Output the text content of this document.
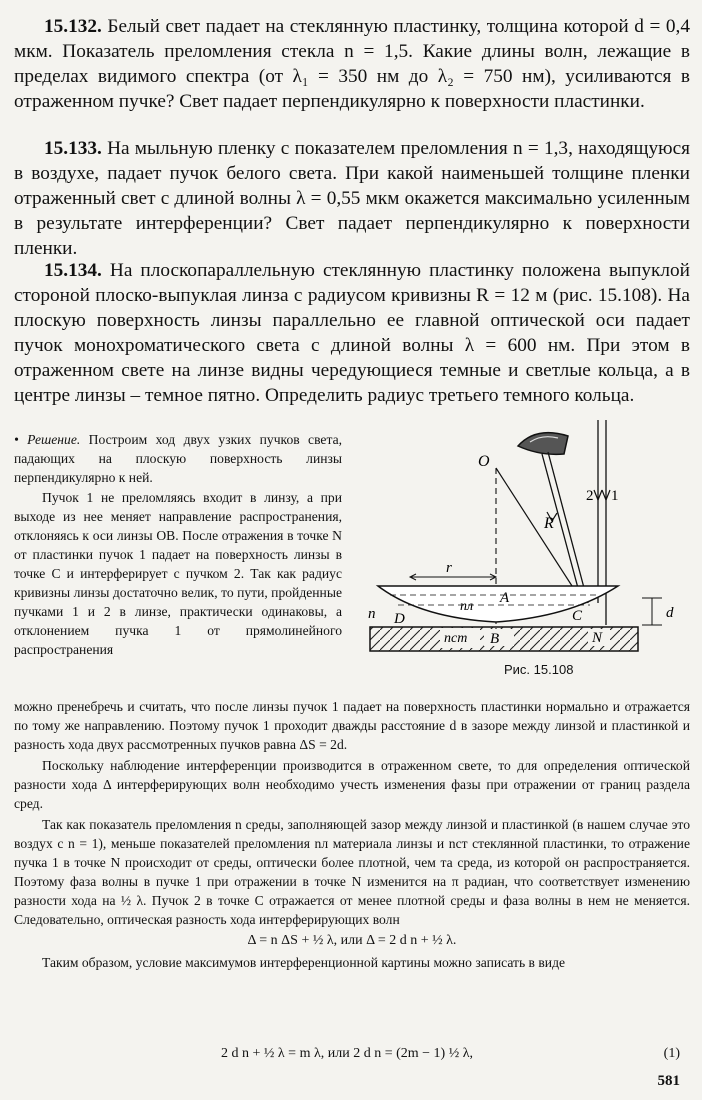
15.132. Белый свет падает на стеклянную пластинку, толщина которой d = 0,4 мкм. Показатель преломления стекла n = 1,5. Какие длины волн, лежащие в пределах видимого спектра (от λ₁ = 350 нм до λ₂ = 750 нм), усиливаются в отраженном пучке? Свет падает перпендикулярно к поверхности пластинки.

15.133. На мыльную пленку с показателем преломления n = 1,3, находящуюся в воздухе, падает пучок белого света. При какой наименьшей толщине пленки отраженный свет с длиной волны λ = 0,55 мкм окажется максимально усиленным в результате интерференции? Свет падает перпендикулярно к поверхности пленки.

15.134. На плоскопараллельную стеклянную пластинку положена выпуклой стороной плоско-выпуклая линза с радиусом кривизны R = 12 м (рис. 15.108). На плоскую поверхность линзы параллельно ее главной оптической оси падает пучок монохроматического света с длиной волны λ = 600 нм. При этом в отраженном свете на линзе видны чередующиеся темные и светлые кольца, а в центре линзы – темное пятно. Определить радиус третьего темного кольца.

• Решение. Построим ход двух узких пучков света, падающих на плоскую поверхность линзы перпендикулярно к ней.

Пучок 1 не преломляясь входит в линзу, а при выходе из нее меняет направление распространения, отклоняясь к оси линзы OB. После отражения в точке N от пластинки пучок 1 падает на поверхность линзы в точке C и интерферирует с пучком 2. Так как радиус кривизны линзы достаточно велик, то пути, пройденные пучками 1 и 2 в линзе, практически одинаковы, а отклонением пучка 1 от прямолинейного распространения

2 1
O
R
r
d
nл
A
C
D
n
nст B	N
Рис. 15.108

можно пренебречь и считать, что после линзы пучок 1 падает на поверхность пластинки нормально и отражается по тому же направлению. Поэтому пучок 1 проходит дважды расстояние d в зазоре между линзой и пластинкой и разность хода двух рассмотренных пучков равна ΔS = 2d.

Поскольку наблюдение интерференции производится в отраженном свете, то для определения оптической разности хода Δ интерферирующих волн необходимо учесть изменения фазы при отражении от границ раздела сред.

Так как показатель преломления n среды, заполняющей зазор между линзой и пластинкой (в нашем случае это воздух с n = 1), меньше показателей преломления nл материала линзы и nст стеклянной пластинки, то отражение пучка 1 в точке N происходит от среды, оптически более плотной, чем та среда, из которой он распространяется. Поэтому фаза волны в пучке 1 при отражении в точке N изменится на π радиан, что соответствует изменению разности хода на ½ λ. Пучок 2 в точке C отражается от менее плотной среды и фаза волны в нем не меняется. Следовательно, оптическая разность хода интерферирующих волн

Δ = n ΔS + ½ λ, или Δ = 2 d n + ½ λ.

Таким образом, условие максимумов интерференционной картины можно записать в виде

2 d n + ½ λ = m λ, или 2 d n = (2m − 1) ½ λ,	(1)
581
